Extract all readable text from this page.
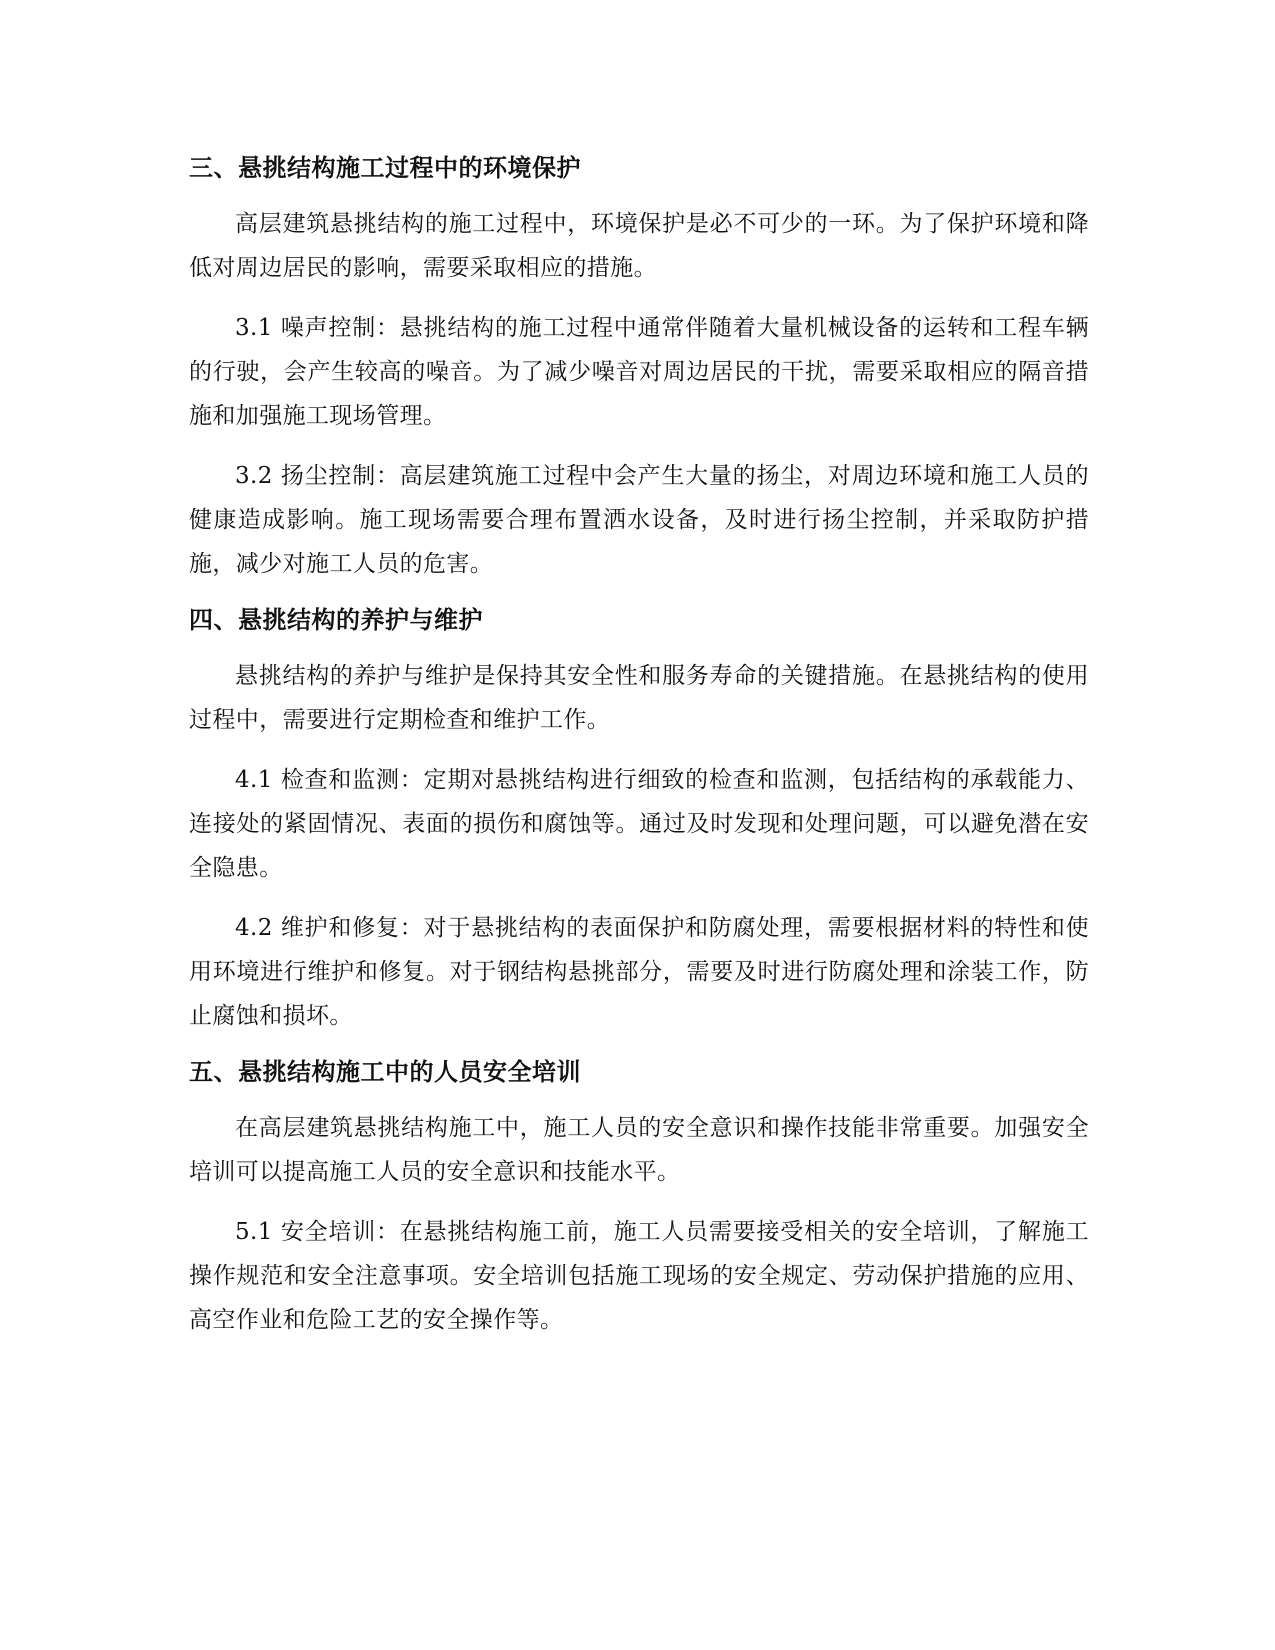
三、悬挑结构施工过程中的环境保护

高层建筑悬挑结构的施工过程中，环境保护是必不可少的一环。为了保护环境和降低对周边居民的影响，需要采取相应的措施。

3.1 噪声控制：悬挑结构的施工过程中通常伴随着大量机械设备的运转和工程车辆的行驶，会产生较高的噪音。为了减少噪音对周边居民的干扰，需要采取相应的隔音措施和加强施工现场管理。

3.2 扬尘控制：高层建筑施工过程中会产生大量的扬尘，对周边环境和施工人员的健康造成影响。施工现场需要合理布置洒水设备，及时进行扬尘控制，并采取防护措施，减少对施工人员的危害。

四、悬挑结构的养护与维护

悬挑结构的养护与维护是保持其安全性和服务寿命的关键措施。在悬挑结构的使用过程中，需要进行定期检查和维护工作。

4.1 检查和监测：定期对悬挑结构进行细致的检查和监测，包括结构的承载能力、连接处的紧固情况、表面的损伤和腐蚀等。通过及时发现和处理问题，可以避免潜在安全隐患。

4.2 维护和修复：对于悬挑结构的表面保护和防腐处理，需要根据材料的特性和使用环境进行维护和修复。对于钢结构悬挑部分，需要及时进行防腐处理和涂装工作，防止腐蚀和损坏。

五、悬挑结构施工中的人员安全培训

在高层建筑悬挑结构施工中，施工人员的安全意识和操作技能非常重要。加强安全培训可以提高施工人员的安全意识和技能水平。

5.1 安全培训：在悬挑结构施工前，施工人员需要接受相关的安全培训，了解施工操作规范和安全注意事项。安全培训包括施工现场的安全规定、劳动保护措施的应用、高空作业和危险工艺的安全操作等。
